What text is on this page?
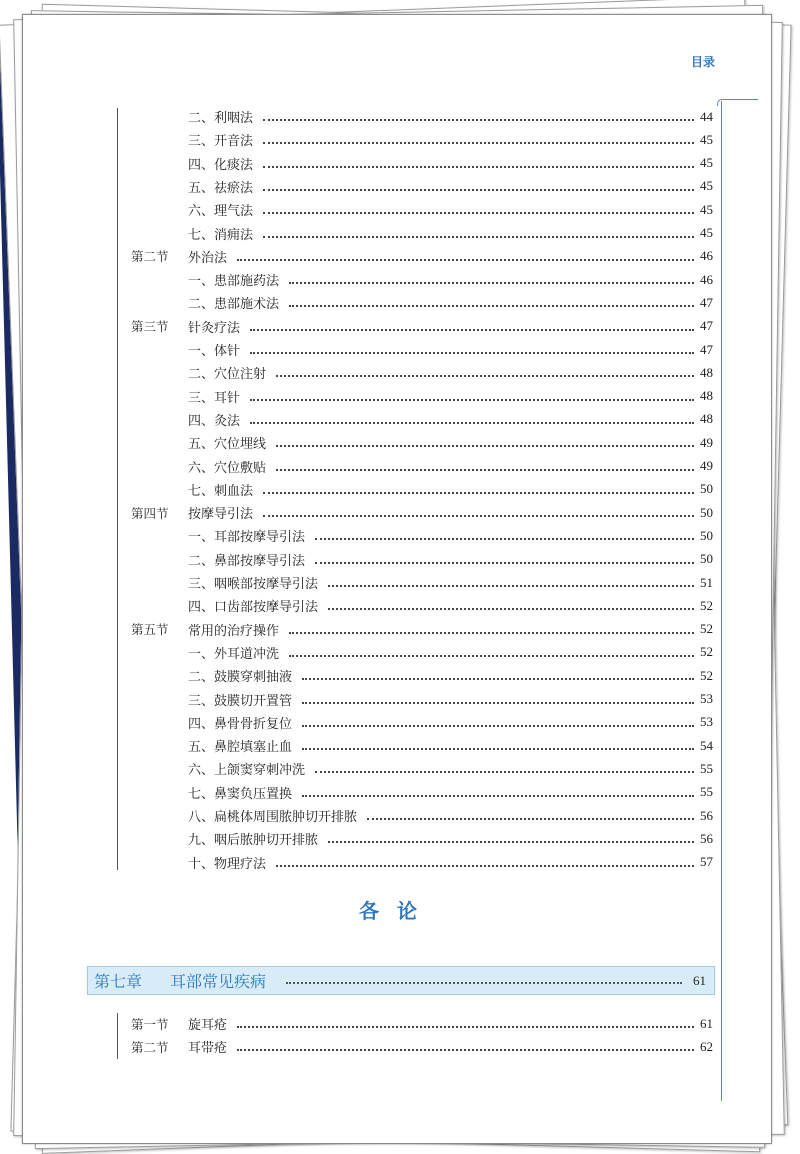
目录
二、利咽法	44
三、开音法	45
四、化痰法	45
五、祛瘀法	45
六、理气法	45
七、消痈法	45
第二节 外治法	46
一、患部施药法	46
二、患部施术法	47
第三节 针灸疗法	47
一、体针	47
二、穴位注射	48
三、耳针	48
四、灸法	48
五、穴位埋线	49
六、穴位敷贴	49
七、刺血法	50
第四节 按摩导引法	50
一、耳部按摩导引法	50
二、鼻部按摩导引法	50
三、咽喉部按摩导引法	51
四、口齿部按摩导引法	52
第五节 常用的治疗操作	52
一、外耳道冲洗	52
二、鼓膜穿刺抽液	52
三、鼓膜切开置管	53
四、鼻骨骨折复位	53
五、鼻腔填塞止血	54
六、上颌窦穿刺冲洗	55
七、鼻窦负压置换	55
八、扁桃体周围脓肿切开排脓	56
九、咽后脓肿切开排脓	56
十、物理疗法	57
各论
第七章 耳部常见疾病	61
第一节 旋耳疮	61
第二节 耳带疮	62
